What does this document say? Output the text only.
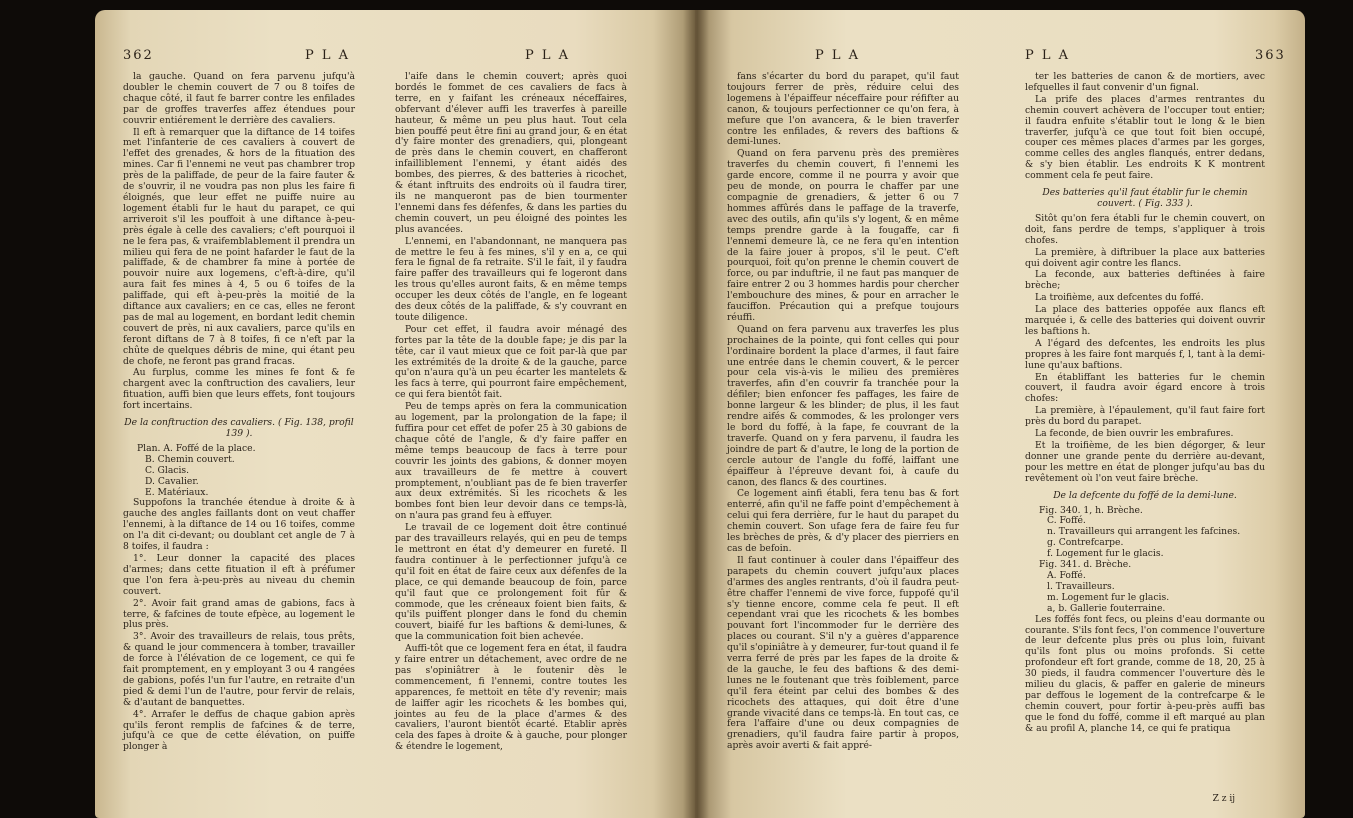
362	P L A	P L A

la gauche. Quand on fera parvenu jufqu'à doubler le chemin couvert de 7 ou 8 toifes de chaque côté, il faut fe barrer contre les enfilades par de groffes traverfes affez étendues pour couvrir entiérement le derrière des cavaliers.

Il eft à remarquer que la diftance de 14 toifes met l'infanterie de ces cavaliers à couvert de l'effet des grenades, & hors de la fituation des mines. Car fi l'ennemi ne veut pas chambrer trop près de la paliffade, de peur de la faire fauter & de s'ouvrir, il ne voudra pas non plus les faire fi éloignés, que leur effet ne puiffe nuire au logement établi fur le haut du parapet, ce qui arriveroit s'il les pouffoit à une diftance à-peu-près égale à celle des cavaliers; c'eft pourquoi il ne le fera pas, & vraifemblablement il prendra un milieu qui fera de ne point hafarder le faut de la paliffade, & de chambrer fa mine à portée de pouvoir nuire aux logemens, c'eft-à-dire, qu'il aura fait fes mines à 4, 5 ou 6 toifes de la paliffade, qui eft à-peu-près la moitié de la diftance aux cavaliers; en ce cas, elles ne feront pas de mal au logement, en bordant ledit chemin couvert de près, ni aux cavaliers, parce qu'ils en feront diftans de 7 à 8 toifes, fi ce n'eft par la chûte de quelques débris de mine, qui étant peu de chofe, ne feront pas grand fracas.

Au furplus, comme les mines fe font & fe chargent avec la conftruction des cavaliers, leur fituation, auffi bien que leurs effets, font toujours fort incertains.

De la conftruction des cavaliers. ( Fig. 138, profil 139 ).

Plan. A. Foffé de la place.

B. Chemin couvert.

C. Glacis.

D. Cavalier.

E. Matériaux.

Suppofons la tranchée étendue à droite & à gauche des angles faillants dont on veut chaffer l'ennemi, à la diftance de 14 ou 16 toifes, comme on l'a dit ci-devant; ou doublant cet angle de 7 à 8 toifes, il faudra :

1°. Leur donner la capacité des places d'armes; dans cette fituation il eft à préfumer que l'on fera à-peu-près au niveau du chemin couvert.

2°. Avoir fait grand amas de gabions, facs à terre, & fafcines de toute efpèce, au logement le plus près.

3°. Avoir des travailleurs de relais, tous prêts, & quand le jour commencera à tomber, travailler de force à l'élévation de ce logement, ce qui fe fait promptement, en y employant 3 ou 4 rangées de gabions, pofés l'un fur l'autre, en retraite d'un pied & demi l'un de l'autre, pour fervir de relais, & d'autant de banquettes.

4°. Arrafer le deffus de chaque gabion après qu'ils feront remplis de fafcines & de terre, jufqu'à ce que de cette élévation, on puiffe plonger à

l'aife dans le chemin couvert; après quoi bordés le fommet de ces cavaliers de facs à terre, en y faifant les créneaux néceffaires, obfervant d'élever auffi les traverfes à pareille hauteur, & même un peu plus haut. Tout cela bien pouffé peut être fini au grand jour, & en état d'y faire monter des grenadiers, qui, plongeant de près dans le chemin couvert, en chafferont infailliblement l'ennemi, y étant aidés des bombes, des pierres, & des batteries à ricochet, & étant inftruits des endroits où il faudra tirer, ils ne manqueront pas de bien tourmenter l'ennemi dans fes défenfes, & dans les parties du chemin couvert, un peu éloigné des pointes les plus avancées.

L'ennemi, en l'abandonnant, ne manquera pas de mettre le feu à fes mines, s'il y en a, ce qui fera le fignal de fa retraite. S'il le fait, il y faudra faire paffer des travailleurs qui fe logeront dans les trous qu'elles auront faits, & en même temps occuper les deux côtés de l'angle, en fe logeant des deux côtés de la paliffade, & s'y couvrant en toute diligence.

Pour cet effet, il faudra avoir ménagé des fortes par la tête de la double fape; je dis par la tête, car il vaut mieux que ce foit par-là que par les extrémités de la droite & de la gauche, parce qu'on n'aura qu'à un peu écarter les mantelets & les facs à terre, qui pourront faire empêchement, ce qui fera bientôt fait.

Peu de temps après on fera la communication au logement, par la prolongation de la fape; il fuffira pour cet effet de pofer 25 à 30 gabions de chaque côté de l'angle, & d'y faire paffer en même temps beaucoup de facs à terre pour couvrir les joints des gabions, & donner moyen aux travailleurs de fe mettre à couvert promptement, n'oubliant pas de fe bien traverfer aux deux extrémités. Si les ricochets & les bombes font bien leur devoir dans ce temps-là, on n'aura pas grand feu à effuyer.

Le travail de ce logement doit être continué par des travailleurs relayés, qui en peu de temps le mettront en état d'y demeurer en fureté. Il faudra continuer à le perfectionner jufqu'à ce qu'il foit en état de faire ceux aux défenfes de la place, ce qui demande beaucoup de foin, parce qu'il faut que ce prolongement foit fûr & commode, que les créneaux foient bien faits, & qu'ils puiffent plonger dans le fond du chemin couvert, biaifé fur les baftions & demi-lunes, & que la communication foit bien achevée.

Auffi-tôt que ce logement fera en état, il faudra y faire entrer un détachement, avec ordre de ne pas s'opiniâtrer à le foutenir dès le commencement, fi l'ennemi, contre toutes les apparences, fe mettoit en tête d'y revenir; mais de laiffer agir les ricochets & les bombes qui, jointes au feu de la place d'armes & des cavaliers, l'auront bientôt écarté. Etablir après cela des fapes à droite & à gauche, pour plonger & étendre le logement,

P L A	P L A	363

fans s'écarter du bord du parapet, qu'il faut toujours ferrer de près, réduire celui des logemens à l'épaiffeur néceffaire pour réfifter au canon, & toujours perfectionner ce qu'on fera, à mefure que l'on avancera, & le bien traverfer contre les enfilades, & revers des baftions & demi-lunes.

Quand on fera parvenu près des premières traverfes du chemin couvert, fi l'ennemi les garde encore, comme il ne pourra y avoir que peu de monde, on pourra le chaffer par une compagnie de grenadiers, & jetter 6 ou 7 hommes affûrés dans le paffage de la traverfe, avec des outils, afin qu'ils s'y logent, & en même temps prendre garde à la fougaffe, car fi l'ennemi demeure là, ce ne fera qu'en intention de la faire jouer à propos, s'il le peut. C'eft pourquoi, foit qu'on prenne le chemin couvert de force, ou par induftrie, il ne faut pas manquer de faire entrer 2 ou 3 hommes hardis pour chercher l'embouchure des mines, & pour en arracher le fauciffon. Précaution qui a prefque toujours réuffi.

Quand on fera parvenu aux traverfes les plus prochaines de la pointe, qui font celles qui pour l'ordinaire bordent la place d'armes, il faut faire une entrée dans le chemin couvert, & le percer pour cela vis-à-vis le milieu des premières traverfes, afin d'en couvrir fa tranchée pour la défiler; bien enfoncer fes paffages, les faire de bonne largeur & les blinder; de plus, il les faut rendre aifés & commodes, & les prolonger vers le bord du foffé, à la fape, fe couvrant de la traverfe. Quand on y fera parvenu, il faudra les joindre de part & d'autre, le long de la portion de cercle autour de l'angle du foffé, laiffant une épaiffeur à l'épreuve devant foi, à caufe du canon, des flancs & des courtines.

Ce logement ainfi établi, fera tenu bas & fort enterré, afin qu'il ne faffe point d'empêchement à celui qui fera derrière, fur le haut du parapet du chemin couvert. Son ufage fera de faire feu fur les brèches de près, & d'y placer des pierriers en cas de befoin.

Il faut continuer à couler dans l'épaiffeur des parapets du chemin couvert jufqu'aux places d'armes des angles rentrants, d'où il faudra peut-être chaffer l'ennemi de vive force, fuppofé qu'il s'y tienne encore, comme cela fe peut. Il eft cependant vrai que les ricochets & les bombes pouvant fort l'incommoder fur le derrière des places ou courant. S'il n'y a guères d'apparence qu'il s'opiniâtre à y demeurer, fur-tout quand il fe verra ferré de près par les fapes de la droite & de la gauche, le feu des baftions & des demi-lunes ne le foutenant que très foiblement, parce qu'il fera éteint par celui des bombes & des ricochets des attaques, qui doit être d'une grande vivacité dans ce temps-là. En tout cas, ce fera l'affaire d'une ou deux compagnies de grenadiers, qu'il faudra faire partir à propos, après avoir averti & fait appré-

ter les batteries de canon & de mortiers, avec lefquelles il faut convenir d'un fignal.

La prife des places d'armes rentrantes du chemin couvert achèvera de l'occuper tout entier; il faudra enfuite s'établir tout le long & le bien traverfer, jufqu'à ce que tout foit bien occupé, couper ces mêmes places d'armes par les gorges, comme celles des angles flanqués, entrer dedans, & s'y bien établir. Les endroits K K montrent comment cela fe peut faire.

Des batteries qu'il faut établir fur le chemin couvert. ( Fig. 333 ).

Sitôt qu'on fera établi fur le chemin couvert, on doit, fans perdre de temps, s'appliquer à trois chofes.

La première, à diftribuer la place aux batteries qui doivent agir contre les flancs.

La feconde, aux batteries deftinées à faire brèche;

La troifième, aux defcentes du foffé.

La place des batteries oppofée aux flancs eft marquée i, & celle des batteries qui doivent ouvrir les baftions h.

A l'égard des defcentes, les endroits les plus propres à les faire font marqués f, l, tant à la demi-lune qu'aux baftions.

En établiffant les batteries fur le chemin couvert, il faudra avoir égard encore à trois chofes:

La première, à l'épaulement, qu'il faut faire fort près du bord du parapet.

La feconde, de bien ouvrir les embrafures.

Et la troifième, de les bien dégorger, & leur donner une grande pente du derrière au-devant, pour les mettre en état de plonger jufqu'au bas du revêtement où l'on veut faire brèche.

De la defcente du foffé de la demi-lune.

Fig. 340. 1, h. Brèche.

C. Foffé.

n. Travailleurs qui arrangent les fafcines.

g. Contrefcarpe.

f. Logement fur le glacis.

Fig. 341. d. Brèche.

A. Foffé.

l. Travailleurs.

m. Logement fur le glacis.

a, b. Gallerie fouterraine.

Les foffés font fecs, ou pleins d'eau dormante ou courante. S'ils font fecs, l'on commence l'ouverture de leur defcente plus près ou plus loin, fuivant qu'ils font plus ou moins profonds. Si cette profondeur eft fort grande, comme de 18, 20, 25 à 30 pieds, il faudra commencer l'ouverture dès le milieu du glacis, & paffer en galerie de mineurs par deffous le logement de la contrefcarpe & le chemin couvert, pour fortir à-peu-près auffi bas que le fond du foffé, comme il eft marqué au plan & au profil A, planche 14, ce qui fe pratiqua

Z z ij
